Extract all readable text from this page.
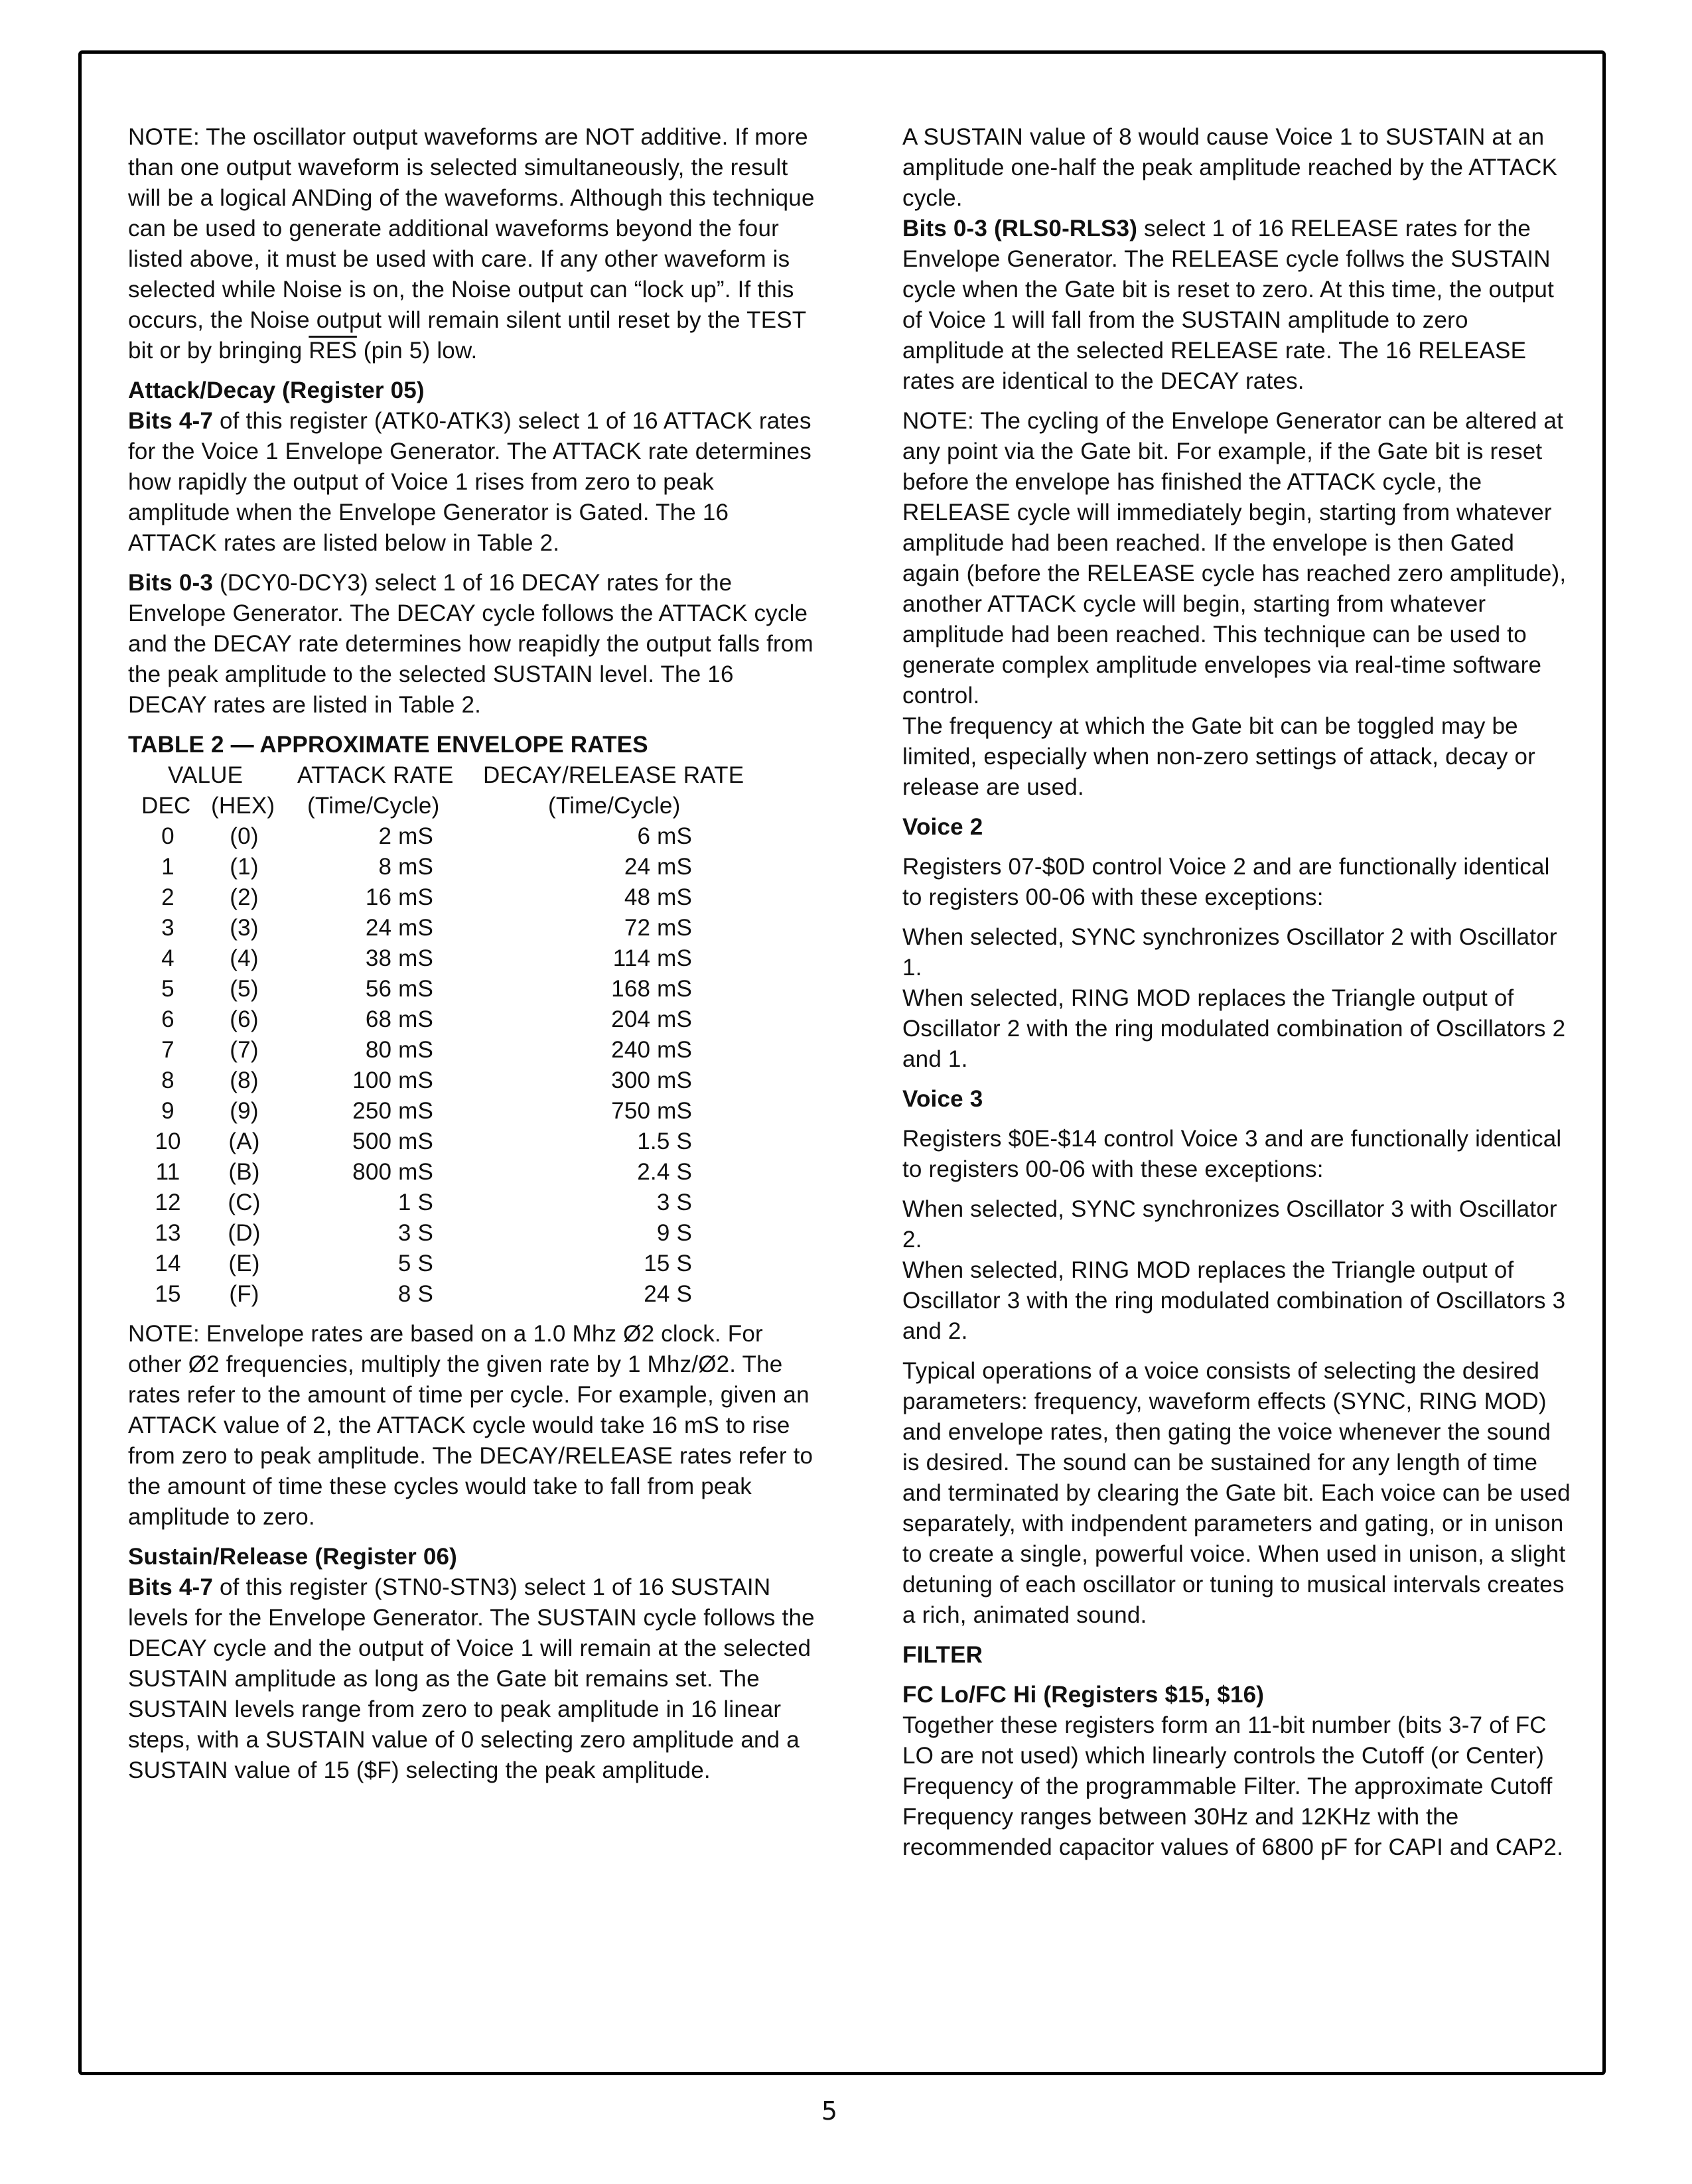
NOTE: The oscillator output waveforms are NOT additive. If more than one output waveform is selected simultaneously, the result will be a logical ANDing of the waveforms. Although this technique can be used to generate additional waveforms beyond the four listed above, it must be used with care. If any other waveform is selected while Noise is on, the Noise output can “lock up”. If this occurs, the Noise output will remain silent until reset by the TEST bit or by bringing $\overline{RES}$ (pin 5) low.

Attack/Decay (Register 05)

Bits 4-7 of this register (ATK0-ATK3) select 1 of 16 ATTACK rates for the Voice 1 Envelope Generator. The ATTACK rate determines how rapidly the output of Voice 1 rises from zero to peak amplitude when the Envelope Generator is Gated. The 16 ATTACK rates are listed below in Table 2.

Bits 0-3 (DCY0-DCY3) select 1 of 16 DECAY rates for the Envelope Generator. The DECAY cycle follows the ATTACK cycle and the DECAY rate determines how reapidly the output falls from the peak amplitude to the selected SUSTAIN level. The 16 DECAY rates are listed in Table 2.

TABLE 2 — APPROXIMATE ENVELOPE RATES
VALUE ATTACK RATE DECAY/RELEASE RATE
DEC (HEX) (Time/Cycle)	(Time/Cycle)
0	(0)	2 mS	6 mS
1	(1)	8 mS	24 mS
2	(2)	16 mS	48 mS
3	(3)	24 mS	72 mS
4	(4)	38 mS	114 mS
5	(5)	56 mS	168 mS
6	(6)	68 mS	204 mS
7	(7)	80 mS	240 mS
8	(8)	100 mS	300 mS
9	(9)	250 mS	750 mS
10	(A)	500 mS	1.5 S
11	(B)	800 mS	2.4 S
12	(C)	1 S	3 S
13	(D)	3 S	9 S
14	(E)	5 S	15 S
15	(F)	8 S	24 S

NOTE: Envelope rates are based on a 1.0 Mhz Ø2 clock. For other Ø2 frequencies, multiply the given rate by 1 Mhz/Ø2. The rates refer to the amount of time per cycle. For example, given an ATTACK value of 2, the ATTACK cycle would take 16 mS to rise from zero to peak amplitude. The DECAY/RELEASE rates refer to the amount of time these cycles would take to fall from peak amplitude to zero.

Sustain/Release (Register 06)

Bits 4-7 of this register (STN0-STN3) select 1 of 16 SUSTAIN levels for the Envelope Generator. The SUSTAIN cycle follows the DECAY cycle and the output of Voice 1 will remain at the selected SUSTAIN amplitude as long as the Gate bit remains set. The SUSTAIN levels range from zero to peak amplitude in 16 linear steps, with a SUSTAIN value of 0 selecting zero amplitude and a SUSTAIN value of 15 ($F) selecting the peak amplitude.

A SUSTAIN value of 8 would cause Voice 1 to SUSTAIN at an amplitude one-half the peak amplitude reached by the ATTACK cycle.

Bits 0-3 (RLS0-RLS3) select 1 of 16 RELEASE rates for the Envelope Generator. The RELEASE cycle follws the SUSTAIN cycle when the Gate bit is reset to zero. At this time, the output of Voice 1 will fall from the SUSTAIN amplitude to zero amplitude at the selected RELEASE rate. The 16 RELEASE rates are identical to the DECAY rates.

NOTE: The cycling of the Envelope Generator can be altered at any point via the Gate bit. For example, if the Gate bit is reset before the envelope has finished the ATTACK cycle, the RELEASE cycle will immediately begin, starting from whatever amplitude had been reached. If the envelope is then Gated again (before the RELEASE cycle has reached zero amplitude), another ATTACK cycle will begin, starting from whatever amplitude had been reached. This technique can be used to generate complex amplitude envelopes via real-time software control.

The frequency at which the Gate bit can be toggled may be limited, especially when non-zero settings of attack, decay or release are used.

Voice 2

Registers 07-$0D control Voice 2 and are functionally identical to registers 00-06 with these exceptions:

When selected, SYNC synchronizes Oscillator 2 with Oscillator 1.

When selected, RING MOD replaces the Triangle output of Oscillator 2 with the ring modulated combination of Oscillators 2 and 1.

Voice 3

Registers $0E-$14 control Voice 3 and are functionally identical to registers 00-06 with these exceptions:

When selected, SYNC synchronizes Oscillator 3 with Oscillator 2.

When selected, RING MOD replaces the Triangle output of Oscillator 3 with the ring modulated combination of Oscillators 3 and 2.

Typical operations of a voice consists of selecting the desired parameters: frequency, waveform effects (SYNC, RING MOD) and envelope rates, then gating the voice whenever the sound is desired. The sound can be sustained for any length of time and terminated by clearing the Gate bit. Each voice can be used separately, with indpendent parameters and gating, or in unison to create a single, powerful voice. When used in unison, a slight detuning of each oscillator or tuning to musical intervals creates a rich, animated sound.

FILTER

FC Lo/FC Hi (Registers $15, $16)

Together these registers form an 11-bit number (bits 3-7 of FC LO are not used) which linearly controls the Cutoff (or Center) Frequency of the programmable Filter. The approximate Cutoff Frequency ranges between 30Hz and 12KHz with the recommended capacitor values of 6800 pF for CAPI and CAP2.

5
